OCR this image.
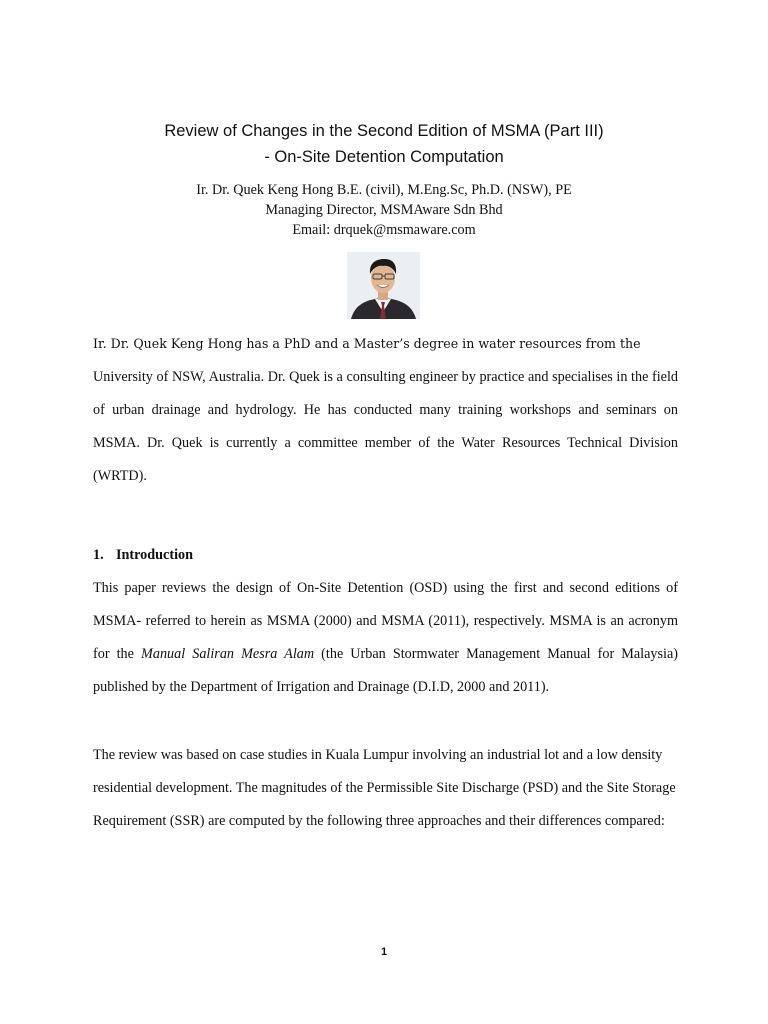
Review of Changes in the Second Edition of MSMA (Part III)
- On-Site Detention Computation
Ir. Dr. Quek Keng Hong B.E. (civil), M.Eng.Sc, Ph.D. (NSW), PE
Managing Director, MSMAware Sdn Bhd
Email: drquek@msmaware.com

Ir. Dr. Quek Keng Hong has a PhD and a Master’s degree in water resources from the
University of NSW, Australia. Dr. Quek is a consulting engineer by practice and specialises in the field of urban drainage and hydrology. He has conducted many training workshops and seminars on MSMA. Dr. Quek is currently a committee member of the Water Resources Technical Division (WRTD).

1. Introduction

This paper reviews the design of On-Site Detention (OSD) using the first and second editions of MSMA- referred to herein as MSMA (2000) and MSMA (2011), respectively. MSMA is an acronym for the Manual Saliran Mesra Alam (the Urban Stormwater Management Manual for Malaysia) published by the Department of Irrigation and Drainage (D.I.D, 2000 and 2011).

The review was based on case studies in Kuala Lumpur involving an industrial lot and a low density residential development. The magnitudes of the Permissible Site Discharge (PSD) and the Site Storage Requirement (SSR) are computed by the following three approaches and their differences compared:

1
